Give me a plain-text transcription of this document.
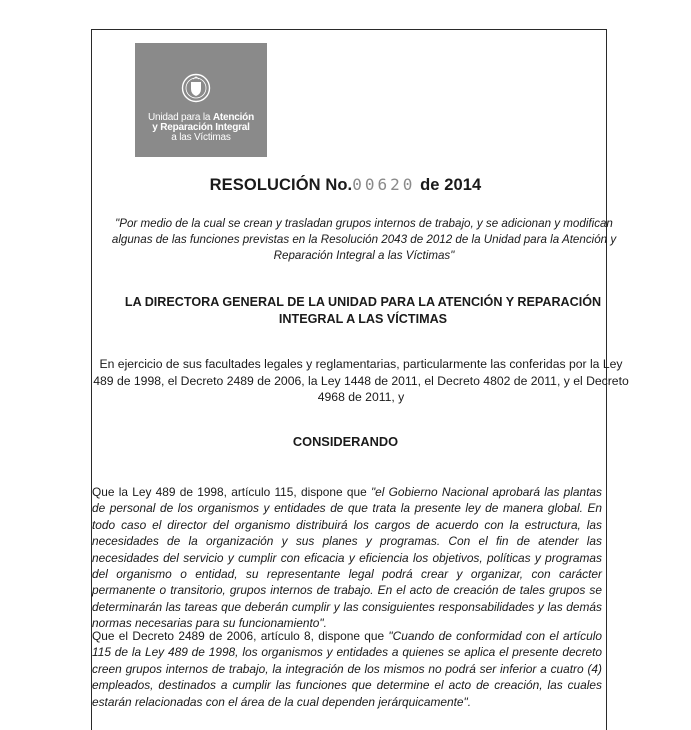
Unidad para la Atención
y Reparación Integral
a las Víctimas
RESOLUCIÓN No.00620 de 2014
"Por medio de la cual se crean y trasladan grupos internos de trabajo, y se adicionan y modifican algunas de las funciones previstas en la Resolución 2043 de 2012 de la Unidad para la Atención y Reparación Integral a las Víctimas"
LA DIRECTORA GENERAL DE LA UNIDAD PARA LA ATENCIÓN Y REPARACIÓN INTEGRAL A LAS VÍCTIMAS
En ejercicio de sus facultades legales y reglamentarias, particularmente las conferidas por la Ley 489 de 1998, el Decreto 2489 de 2006, la Ley 1448 de 2011, el Decreto 4802 de 2011, y el Decreto 4968 de 2011, y
CONSIDERANDO
Que la Ley 489 de 1998, artículo 115, dispone que "el Gobierno Nacional aprobará las plantas de personal de los organismos y entidades de que trata la presente ley de manera global. En todo caso el director del organismo distribuirá los cargos de acuerdo con la estructura, las necesidades de la organización y sus planes y programas. Con el fin de atender las necesidades del servicio y cumplir con eficacia y eficiencia los objetivos, políticas y programas del organismo o entidad, su representante legal podrá crear y organizar, con carácter permanente o transitorio, grupos internos de trabajo. En el acto de creación de tales grupos se determinarán las tareas que deberán cumplir y las consiguientes responsabilidades y las demás normas necesarias para su funcionamiento".
Que el Decreto 2489 de 2006, artículo 8, dispone que "Cuando de conformidad con el artículo 115 de la Ley 489 de 1998, los organismos y entidades a quienes se aplica el presente decreto creen grupos internos de trabajo, la integración de los mismos no podrá ser inferior a cuatro (4) empleados, destinados a cumplir las funciones que determine el acto de creación, las cuales estarán relacionadas con el área de la cual dependen jerárquicamente".
